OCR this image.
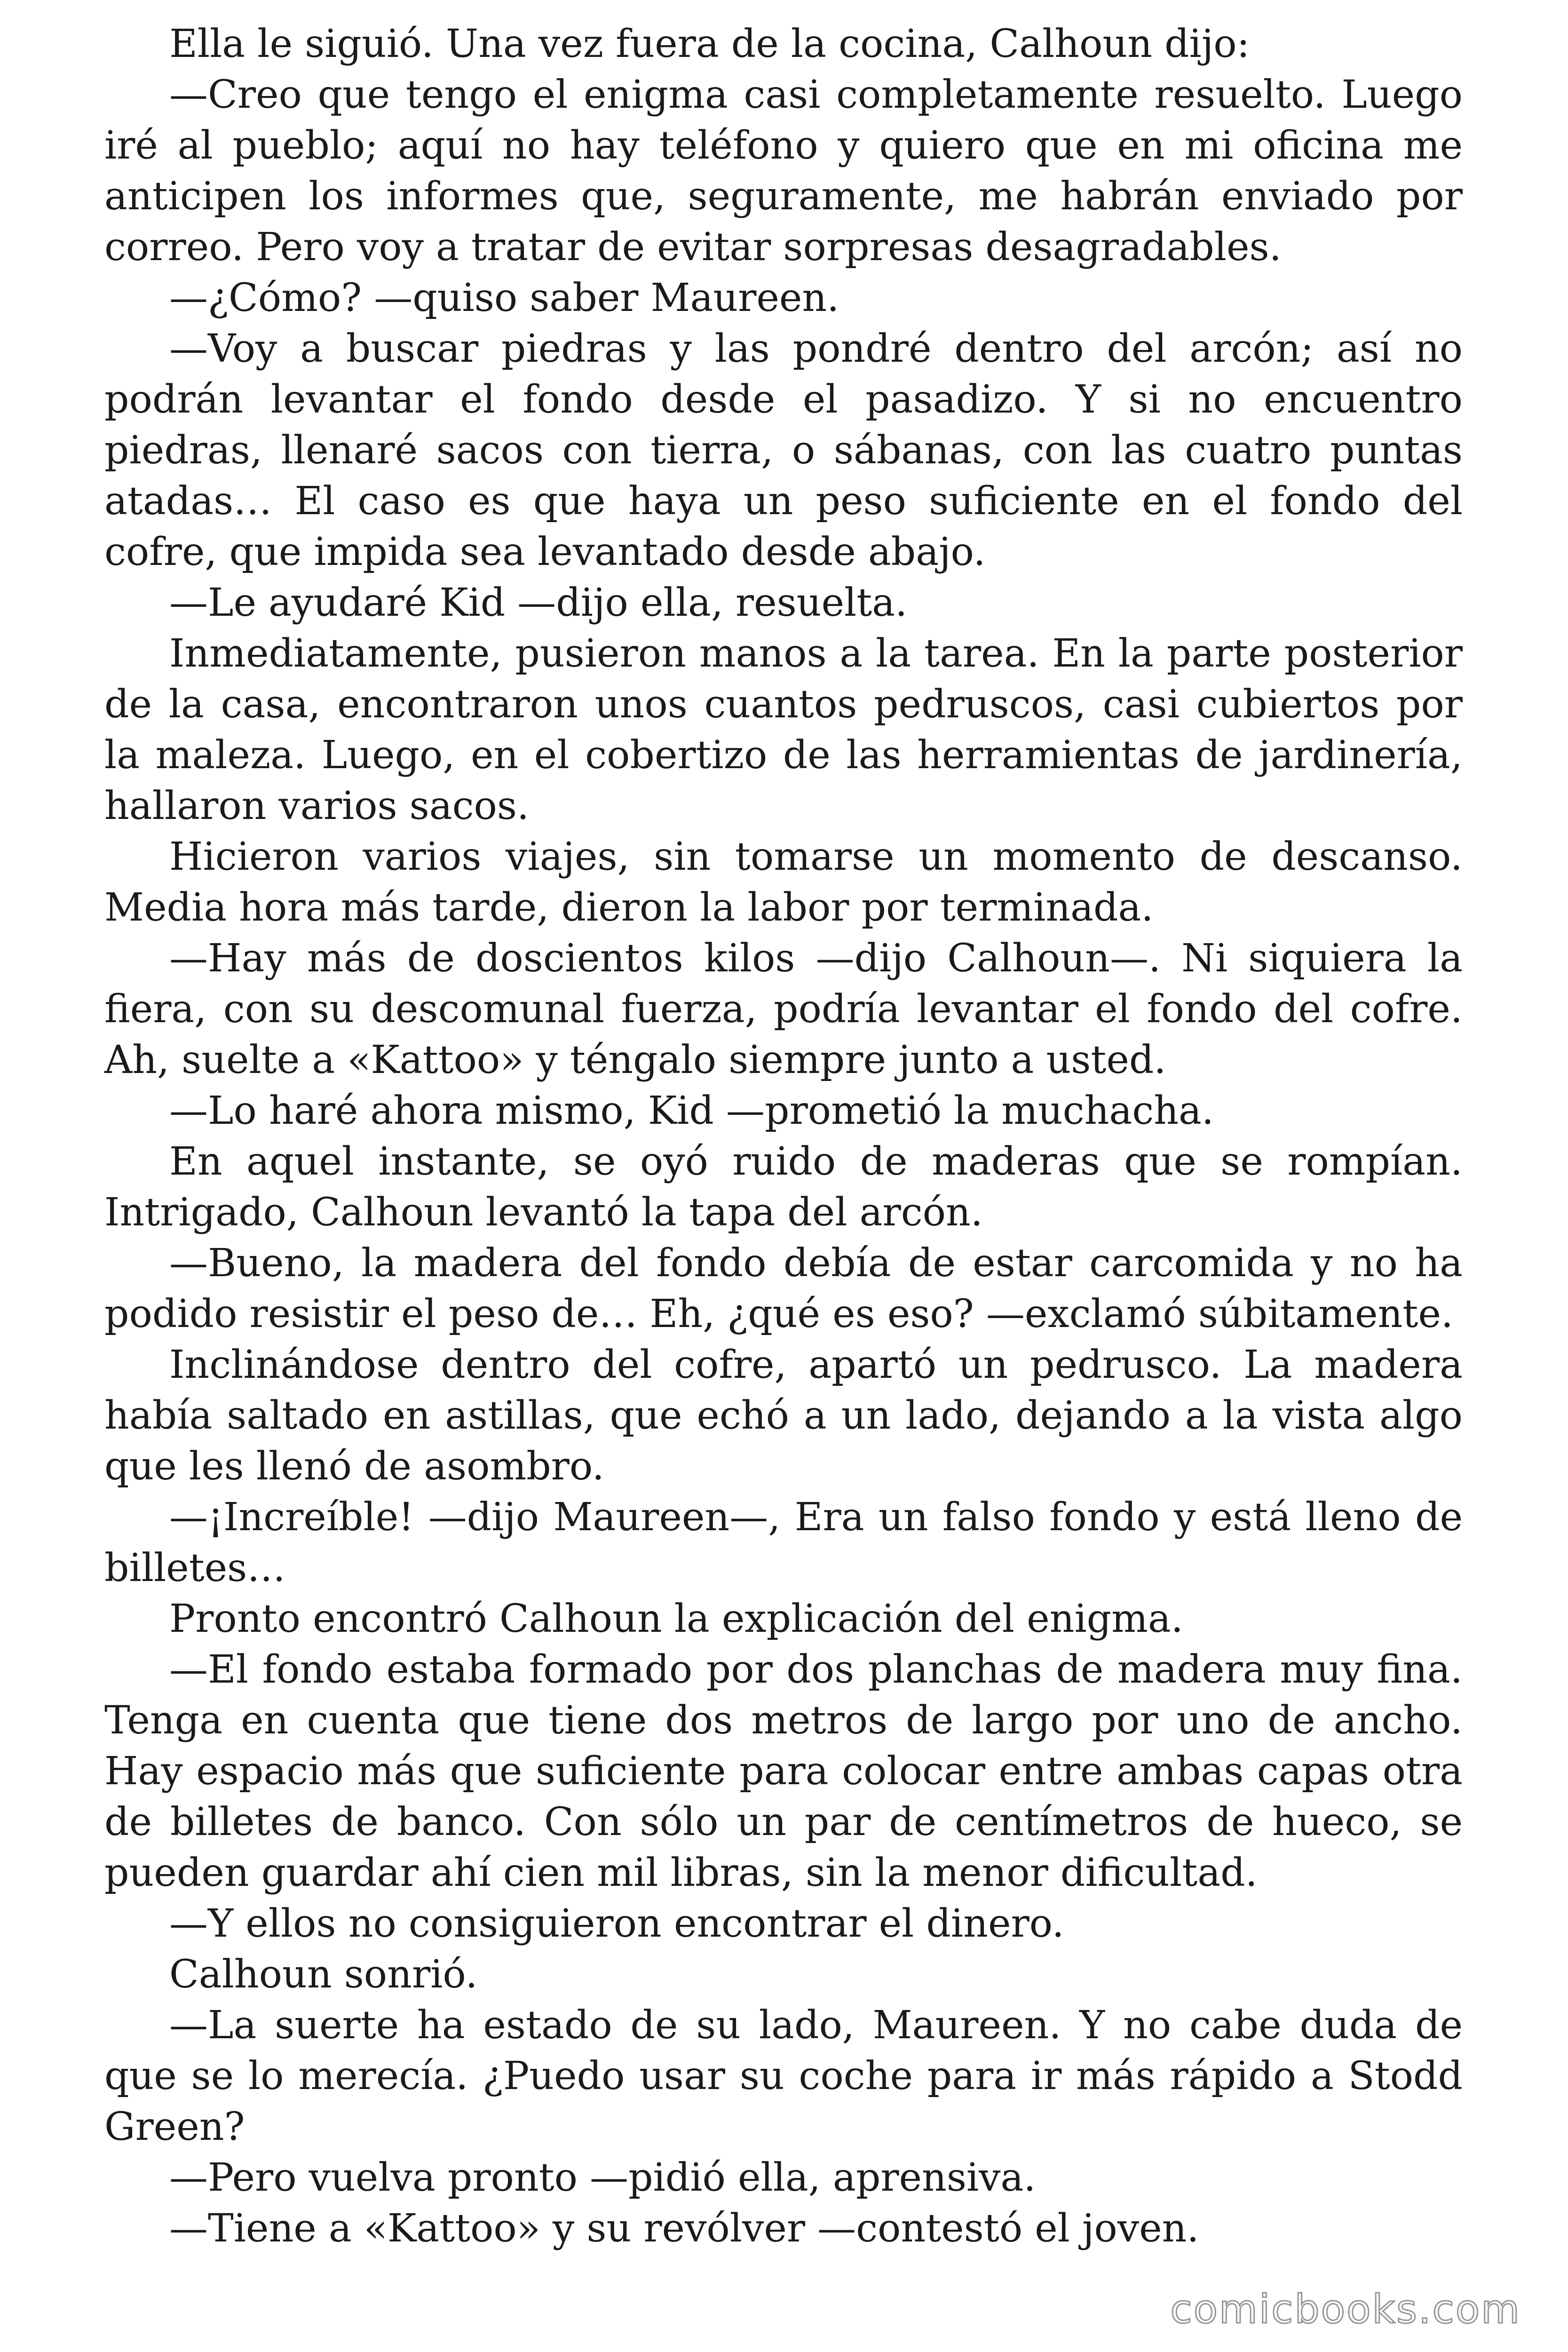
Ella le siguió. Una vez fuera de la cocina, Calhoun dijo:

—Creo que tengo el enigma casi completamente resuelto. Luego iré al pueblo; aquí no hay teléfono y quiero que en mi oficina me anticipen los informes que, seguramente, me habrán enviado por correo. Pero voy a tratar de evitar sorpresas desagradables.

—¿Cómo? —quiso saber Maureen.

—Voy a buscar piedras y las pondré dentro del arcón; así no podrán levantar el fondo desde el pasadizo. Y si no encuentro piedras, llenaré sacos con tierra, o sábanas, con las cuatro puntas atadas… El caso es que haya un peso suficiente en el fondo del cofre, que impida sea levantado desde abajo.

—Le ayudaré Kid —dijo ella, resuelta.

Inmediatamente, pusieron manos a la tarea. En la parte posterior de la casa, encontraron unos cuantos pedruscos, casi cubiertos por la maleza. Luego, en el cobertizo de las herramientas de jardinería, hallaron varios sacos.

Hicieron varios viajes, sin tomarse un momento de descanso. Media hora más tarde, dieron la labor por terminada.

—Hay más de doscientos kilos —dijo Calhoun—. Ni siquiera la fiera, con su descomunal fuerza, podría levantar el fondo del cofre. Ah, suelte a «Kattoo» y téngalo siempre junto a usted.

—Lo haré ahora mismo, Kid —prometió la muchacha.

En aquel instante, se oyó ruido de maderas que se rompían. Intrigado, Calhoun levantó la tapa del arcón.

—Bueno, la madera del fondo debía de estar carcomida y no ha podido resistir el peso de… Eh, ¿qué es eso? —exclamó súbitamente.

Inclinándose dentro del cofre, apartó un pedrusco. La madera había saltado en astillas, que echó a un lado, dejando a la vista algo que les llenó de asombro.

—¡Increíble! —dijo Maureen—, Era un falso fondo y está lleno de billetes…

Pronto encontró Calhoun la explicación del enigma.

—El fondo estaba formado por dos planchas de madera muy fina. Tenga en cuenta que tiene dos metros de largo por uno de ancho. Hay espacio más que suficiente para colocar entre ambas capas otra de billetes de banco. Con sólo un par de centímetros de hueco, se pueden guardar ahí cien mil libras, sin la menor dificultad.

—Y ellos no consiguieron encontrar el dinero.

Calhoun sonrió.

—La suerte ha estado de su lado, Maureen. Y no cabe duda de que se lo merecía. ¿Puedo usar su coche para ir más rápido a Stodd Green?

—Pero vuelva pronto —pidió ella, aprensiva.

—Tiene a «Kattoo» y su revólver —contestó el joven.

comicbooks.com
